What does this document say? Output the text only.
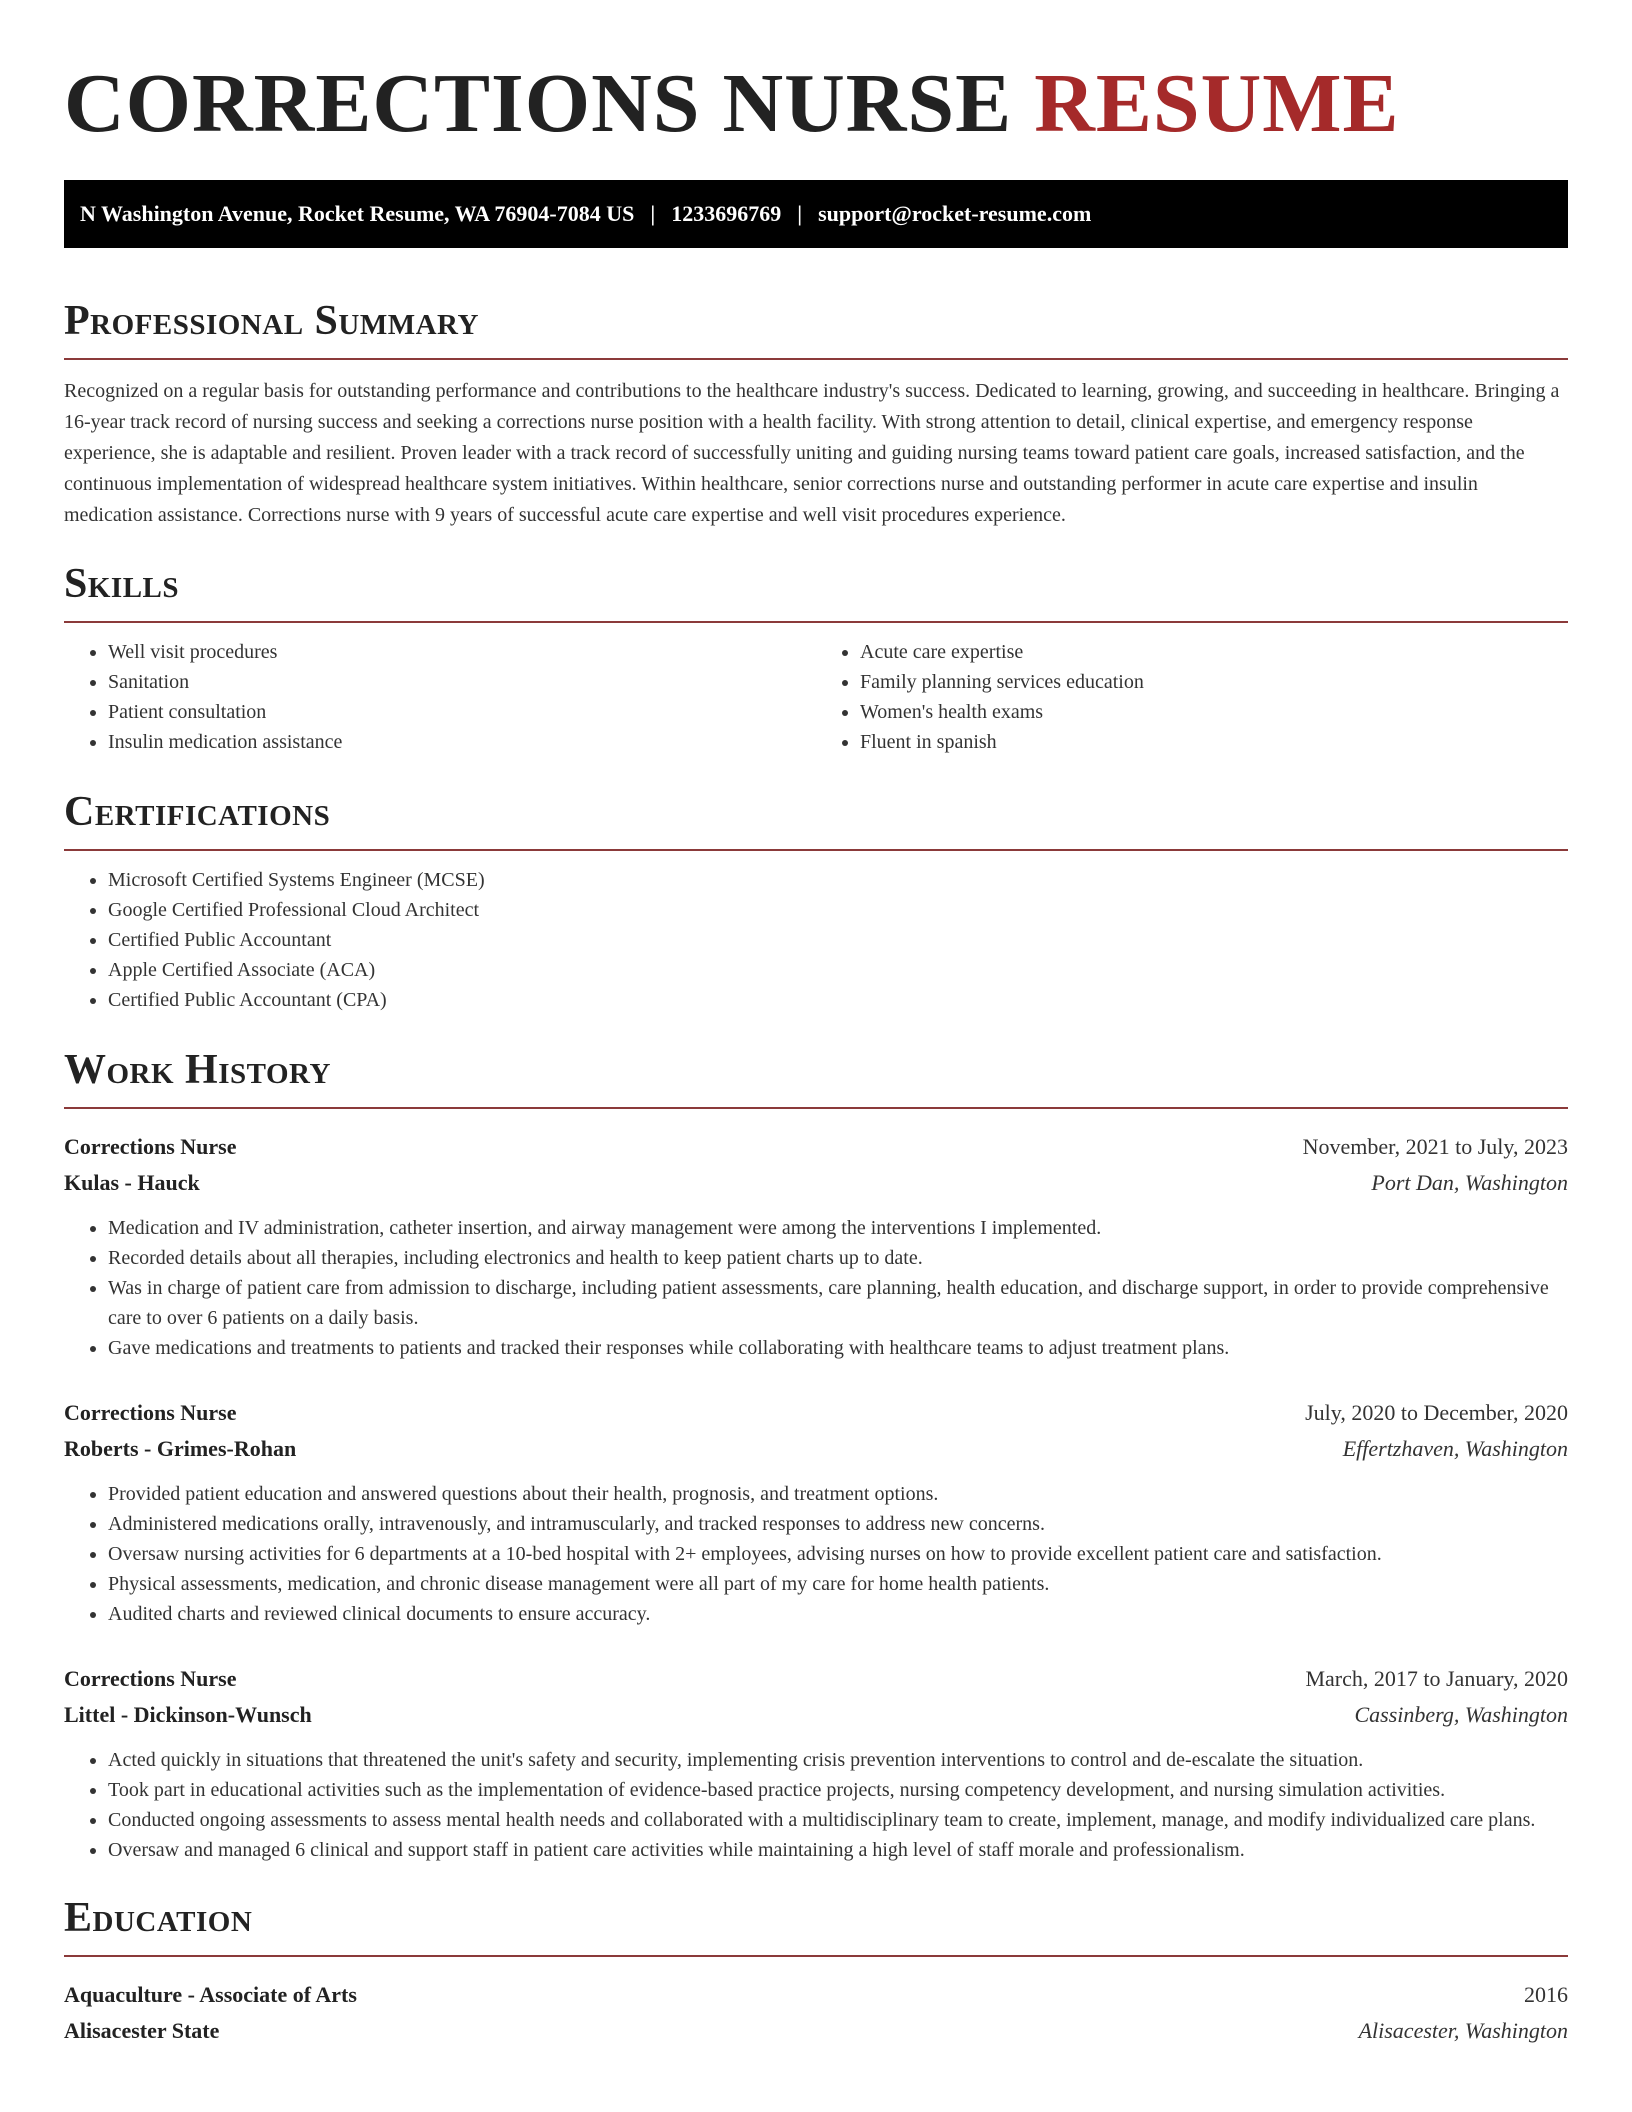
CORRECTIONS NURSE RESUME
N Washington Avenue, Rocket Resume, WA 76904-7084 US | 1233696769 | support@rocket-resume.com
Professional Summary

Recognized on a regular basis for outstanding performance and contributions to the healthcare industry's success. Dedicated to learning, growing, and succeeding in healthcare. Bringing a 16-year track record of nursing success and seeking a corrections nurse position with a health facility. With strong attention to detail, clinical expertise, and emergency response experience, she is adaptable and resilient. Proven leader with a track record of successfully uniting and guiding nursing teams toward patient care goals, increased satisfaction, and the continuous implementation of widespread healthcare system initiatives. Within healthcare, senior corrections nurse and outstanding performer in acute care expertise and insulin medication assistance. Corrections nurse with 9 years of successful acute care expertise and well visit procedures experience.

Skills
• Well visit procedures
• Sanitation
• Patient consultation
• Insulin medication assistance
• Acute care expertise
• Family planning services education
• Women's health exams
• Fluent in spanish
Certifications
• Microsoft Certified Systems Engineer (MCSE)
• Google Certified Professional Cloud Architect
• Certified Public Accountant
• Apple Certified Associate (ACA)
• Certified Public Accountant (CPA)
Work History
Corrections Nurse	November, 2021 to July, 2023
Kulas - Hauck	Port Dan, Washington
• Medication and IV administration, catheter insertion, and airway management were among the interventions I implemented.
• Recorded details about all therapies, including electronics and health to keep patient charts up to date.
• Was in charge of patient care from admission to discharge, including patient assessments, care planning, health education, and discharge support, in order to provide comprehensive care to over 6 patients on a daily basis.
• Gave medications and treatments to patients and tracked their responses while collaborating with healthcare teams to adjust treatment plans.
Corrections Nurse	July, 2020 to December, 2020
Roberts - Grimes-Rohan	Effertzhaven, Washington
• Provided patient education and answered questions about their health, prognosis, and treatment options.
• Administered medications orally, intravenously, and intramuscularly, and tracked responses to address new concerns.
• Oversaw nursing activities for 6 departments at a 10-bed hospital with 2+ employees, advising nurses on how to provide excellent patient care and satisfaction.
• Physical assessments, medication, and chronic disease management were all part of my care for home health patients.
• Audited charts and reviewed clinical documents to ensure accuracy.
Corrections Nurse	March, 2017 to January, 2020
Littel - Dickinson-Wunsch	Cassinberg, Washington
• Acted quickly in situations that threatened the unit's safety and security, implementing crisis prevention interventions to control and de-escalate the situation.
• Took part in educational activities such as the implementation of evidence-based practice projects, nursing competency development, and nursing simulation activities.
• Conducted ongoing assessments to assess mental health needs and collaborated with a multidisciplinary team to create, implement, manage, and modify individualized care plans.
• Oversaw and managed 6 clinical and support staff in patient care activities while maintaining a high level of staff morale and professionalism.
Education
Aquaculture - Associate of Arts	2016
Alisacester State	Alisacester, Washington
